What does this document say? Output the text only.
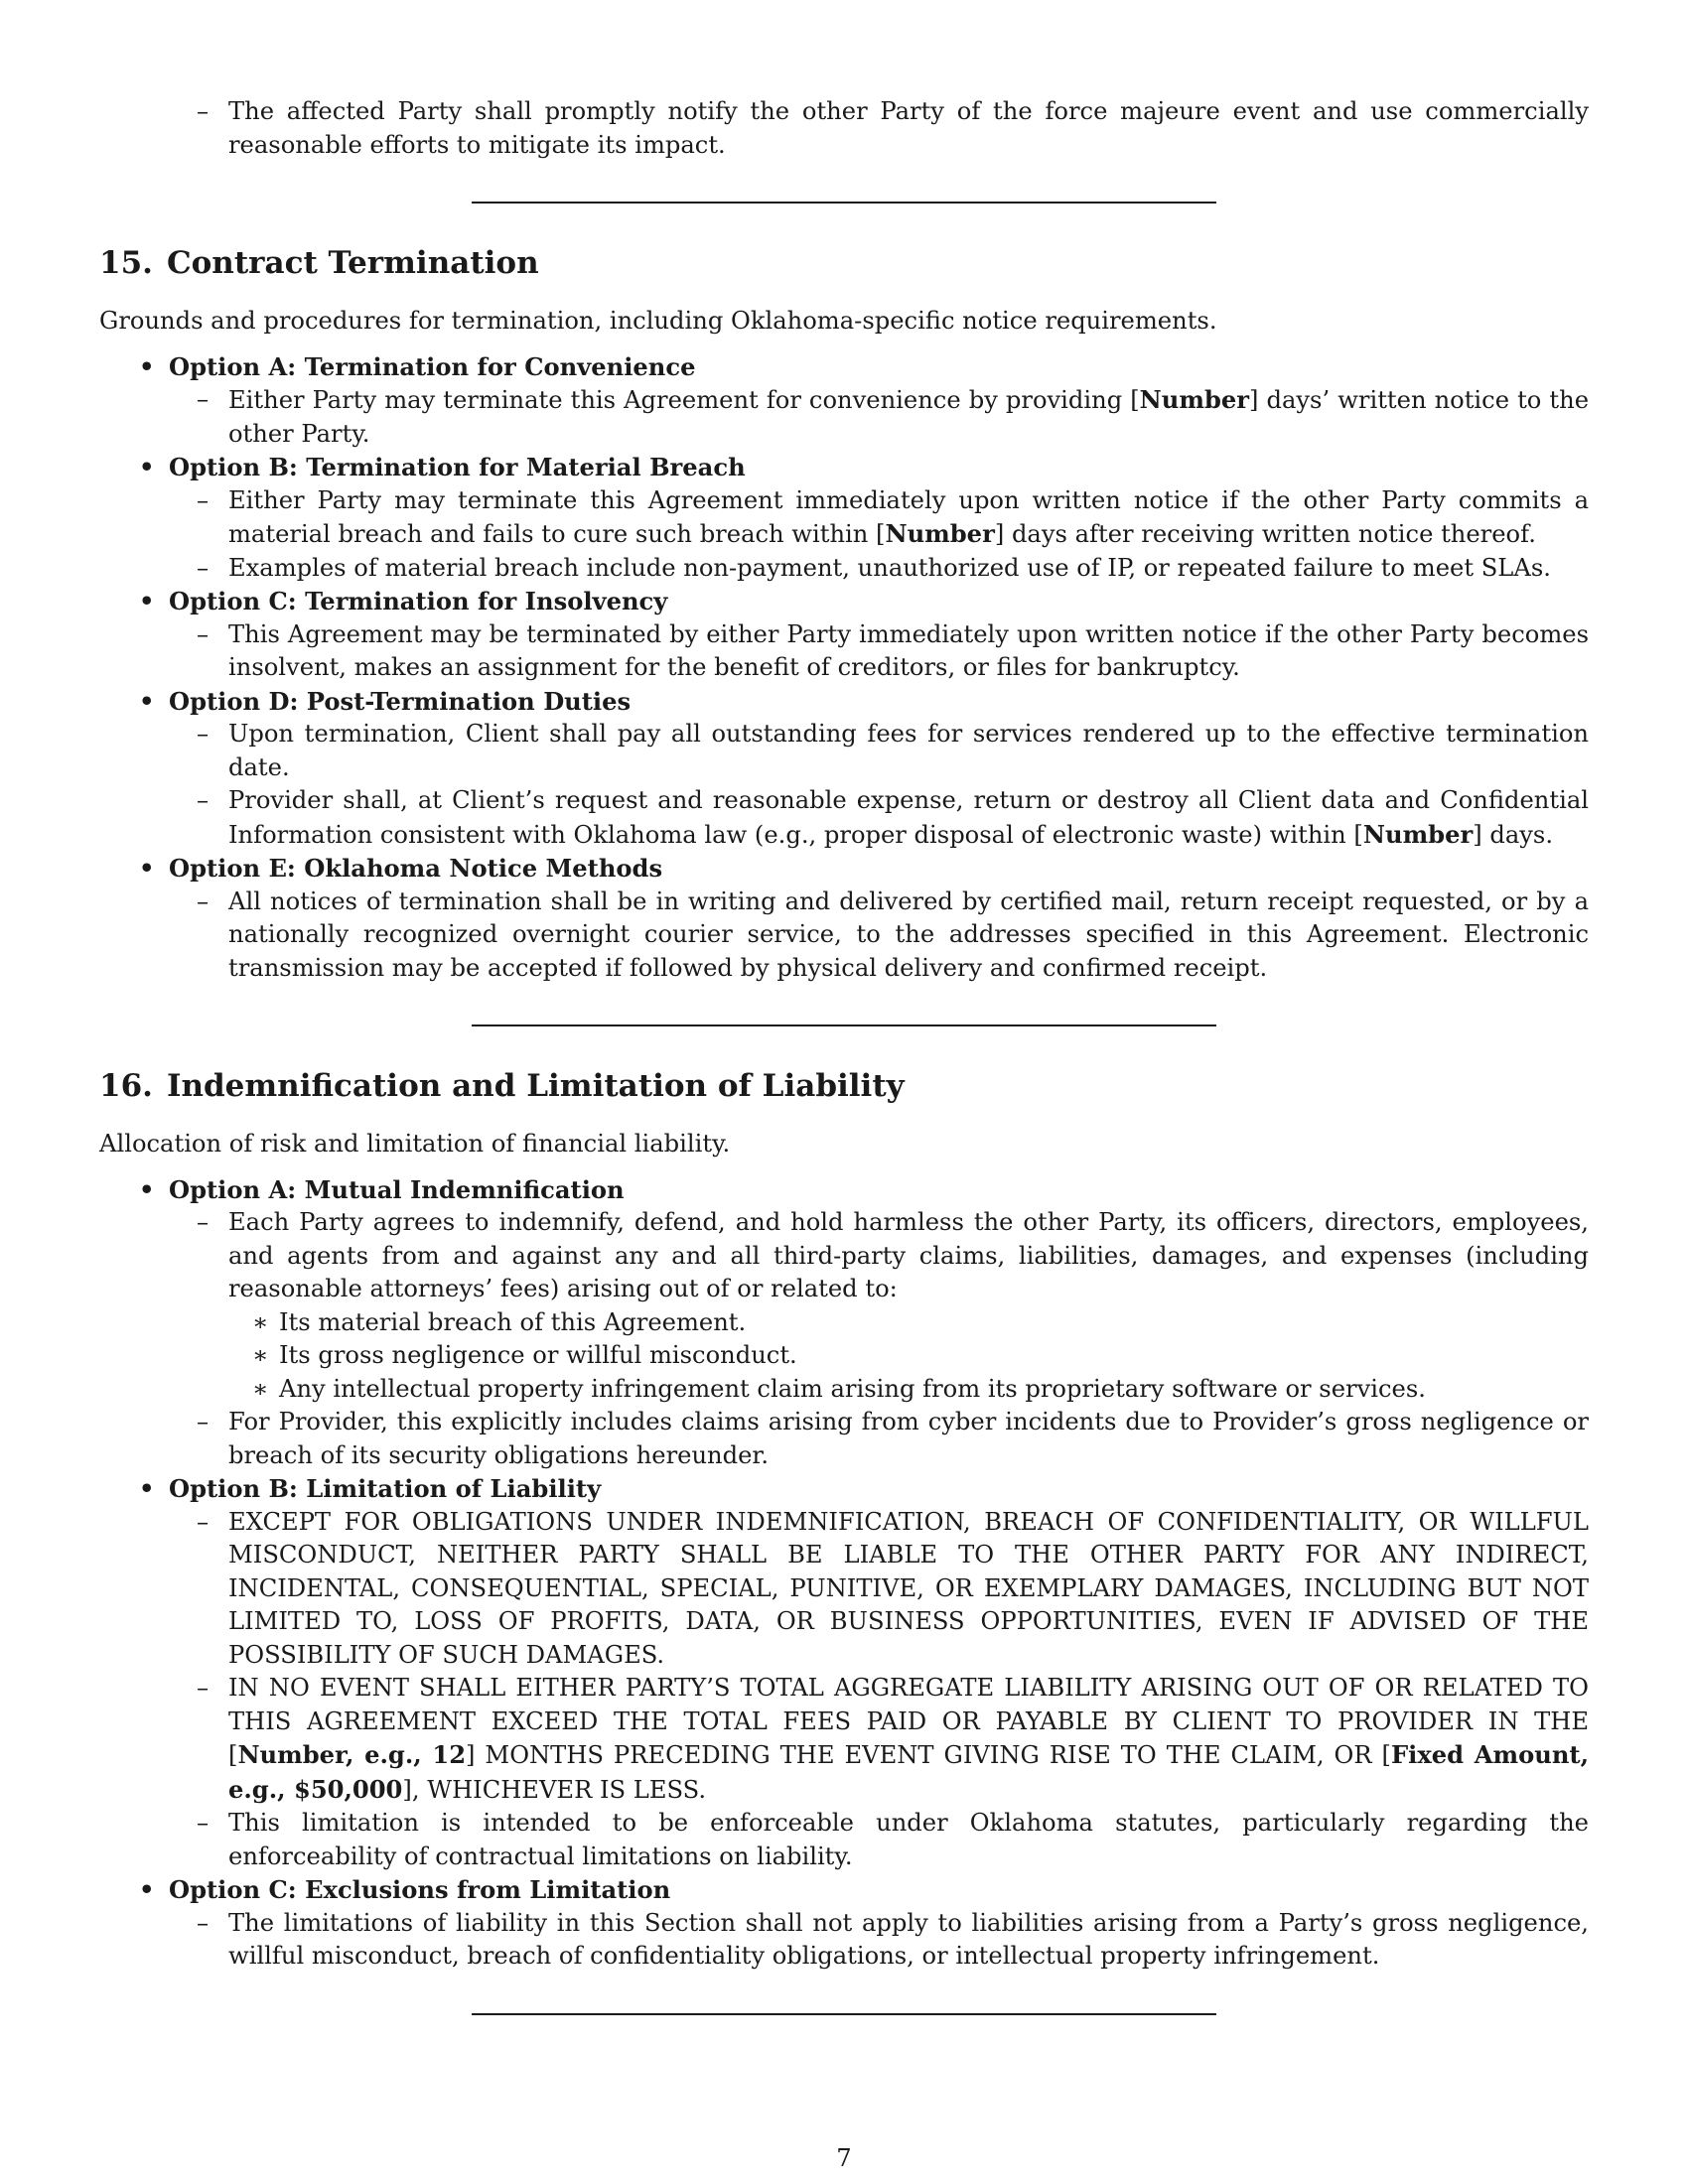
– The affected Party shall promptly notify the other Party of the force majeure event and use commercially reasonable efforts to mitigate its impact.
15. Contract Termination
Grounds and procedures for termination, including Oklahoma-specific notice requirements.
• Option A: Termination for Convenience
– Either Party may terminate this Agreement for convenience by providing [Number] days’ written notice to the other Party.
• Option B: Termination for Material Breach
– Either Party may terminate this Agreement immediately upon written notice if the other Party commits a material breach and fails to cure such breach within [Number] days after receiving written notice thereof.
– Examples of material breach include non-payment, unauthorized use of IP, or repeated failure to meet SLAs.
• Option C: Termination for Insolvency
– This Agreement may be terminated by either Party immediately upon written notice if the other Party becomes insolvent, makes an assignment for the benefit of creditors, or files for bankruptcy.
• Option D: Post-Termination Duties
– Upon termination, Client shall pay all outstanding fees for services rendered up to the effective termination date.
– Provider shall, at Client’s request and reasonable expense, return or destroy all Client data and Confidential Information consistent with Oklahoma law (e.g., proper disposal of electronic waste) within [Number] days.
• Option E: Oklahoma Notice Methods
– All notices of termination shall be in writing and delivered by certified mail, return receipt requested, or by a nationally recognized overnight courier service, to the addresses specified in this Agreement. Electronic transmission may be accepted if followed by physical delivery and confirmed receipt.
16. Indemnification and Limitation of Liability
Allocation of risk and limitation of financial liability.
• Option A: Mutual Indemnification
– Each Party agrees to indemnify, defend, and hold harmless the other Party, its officers, directors, employees, and agents from and against any and all third-party claims, liabilities, damages, and expenses (including reasonable attorneys’ fees) arising out of or related to:
∗ Its material breach of this Agreement.
∗ Its gross negligence or willful misconduct.
∗ Any intellectual property infringement claim arising from its proprietary software or services.
– For Provider, this explicitly includes claims arising from cyber incidents due to Provider’s gross negligence or breach of its security obligations hereunder.
• Option B: Limitation of Liability
– EXCEPT FOR OBLIGATIONS UNDER INDEMNIFICATION, BREACH OF CONFIDENTIALITY, OR WILLFUL MISCONDUCT, NEITHER PARTY SHALL BE LIABLE TO THE OTHER PARTY FOR ANY INDIRECT, INCIDENTAL, CONSEQUENTIAL, SPECIAL, PUNITIVE, OR EXEMPLARY DAMAGES, INCLUDING BUT NOT LIMITED TO, LOSS OF PROFITS, DATA, OR BUSINESS OPPORTUNITIES, EVEN IF ADVISED OF THE POSSIBILITY OF SUCH DAMAGES.
– IN NO EVENT SHALL EITHER PARTY’S TOTAL AGGREGATE LIABILITY ARISING OUT OF OR RELATED TO THIS AGREEMENT EXCEED THE TOTAL FEES PAID OR PAYABLE BY CLIENT TO PROVIDER IN THE [Number, e.g., 12] MONTHS PRECEDING THE EVENT GIVING RISE TO THE CLAIM, OR [Fixed Amount, e.g., $50,000], WHICHEVER IS LESS.
– This limitation is intended to be enforceable under Oklahoma statutes, particularly regarding the enforceability of contractual limitations on liability.
• Option C: Exclusions from Limitation
– The limitations of liability in this Section shall not apply to liabilities arising from a Party’s gross negligence, willful misconduct, breach of confidentiality obligations, or intellectual property infringement.
7
